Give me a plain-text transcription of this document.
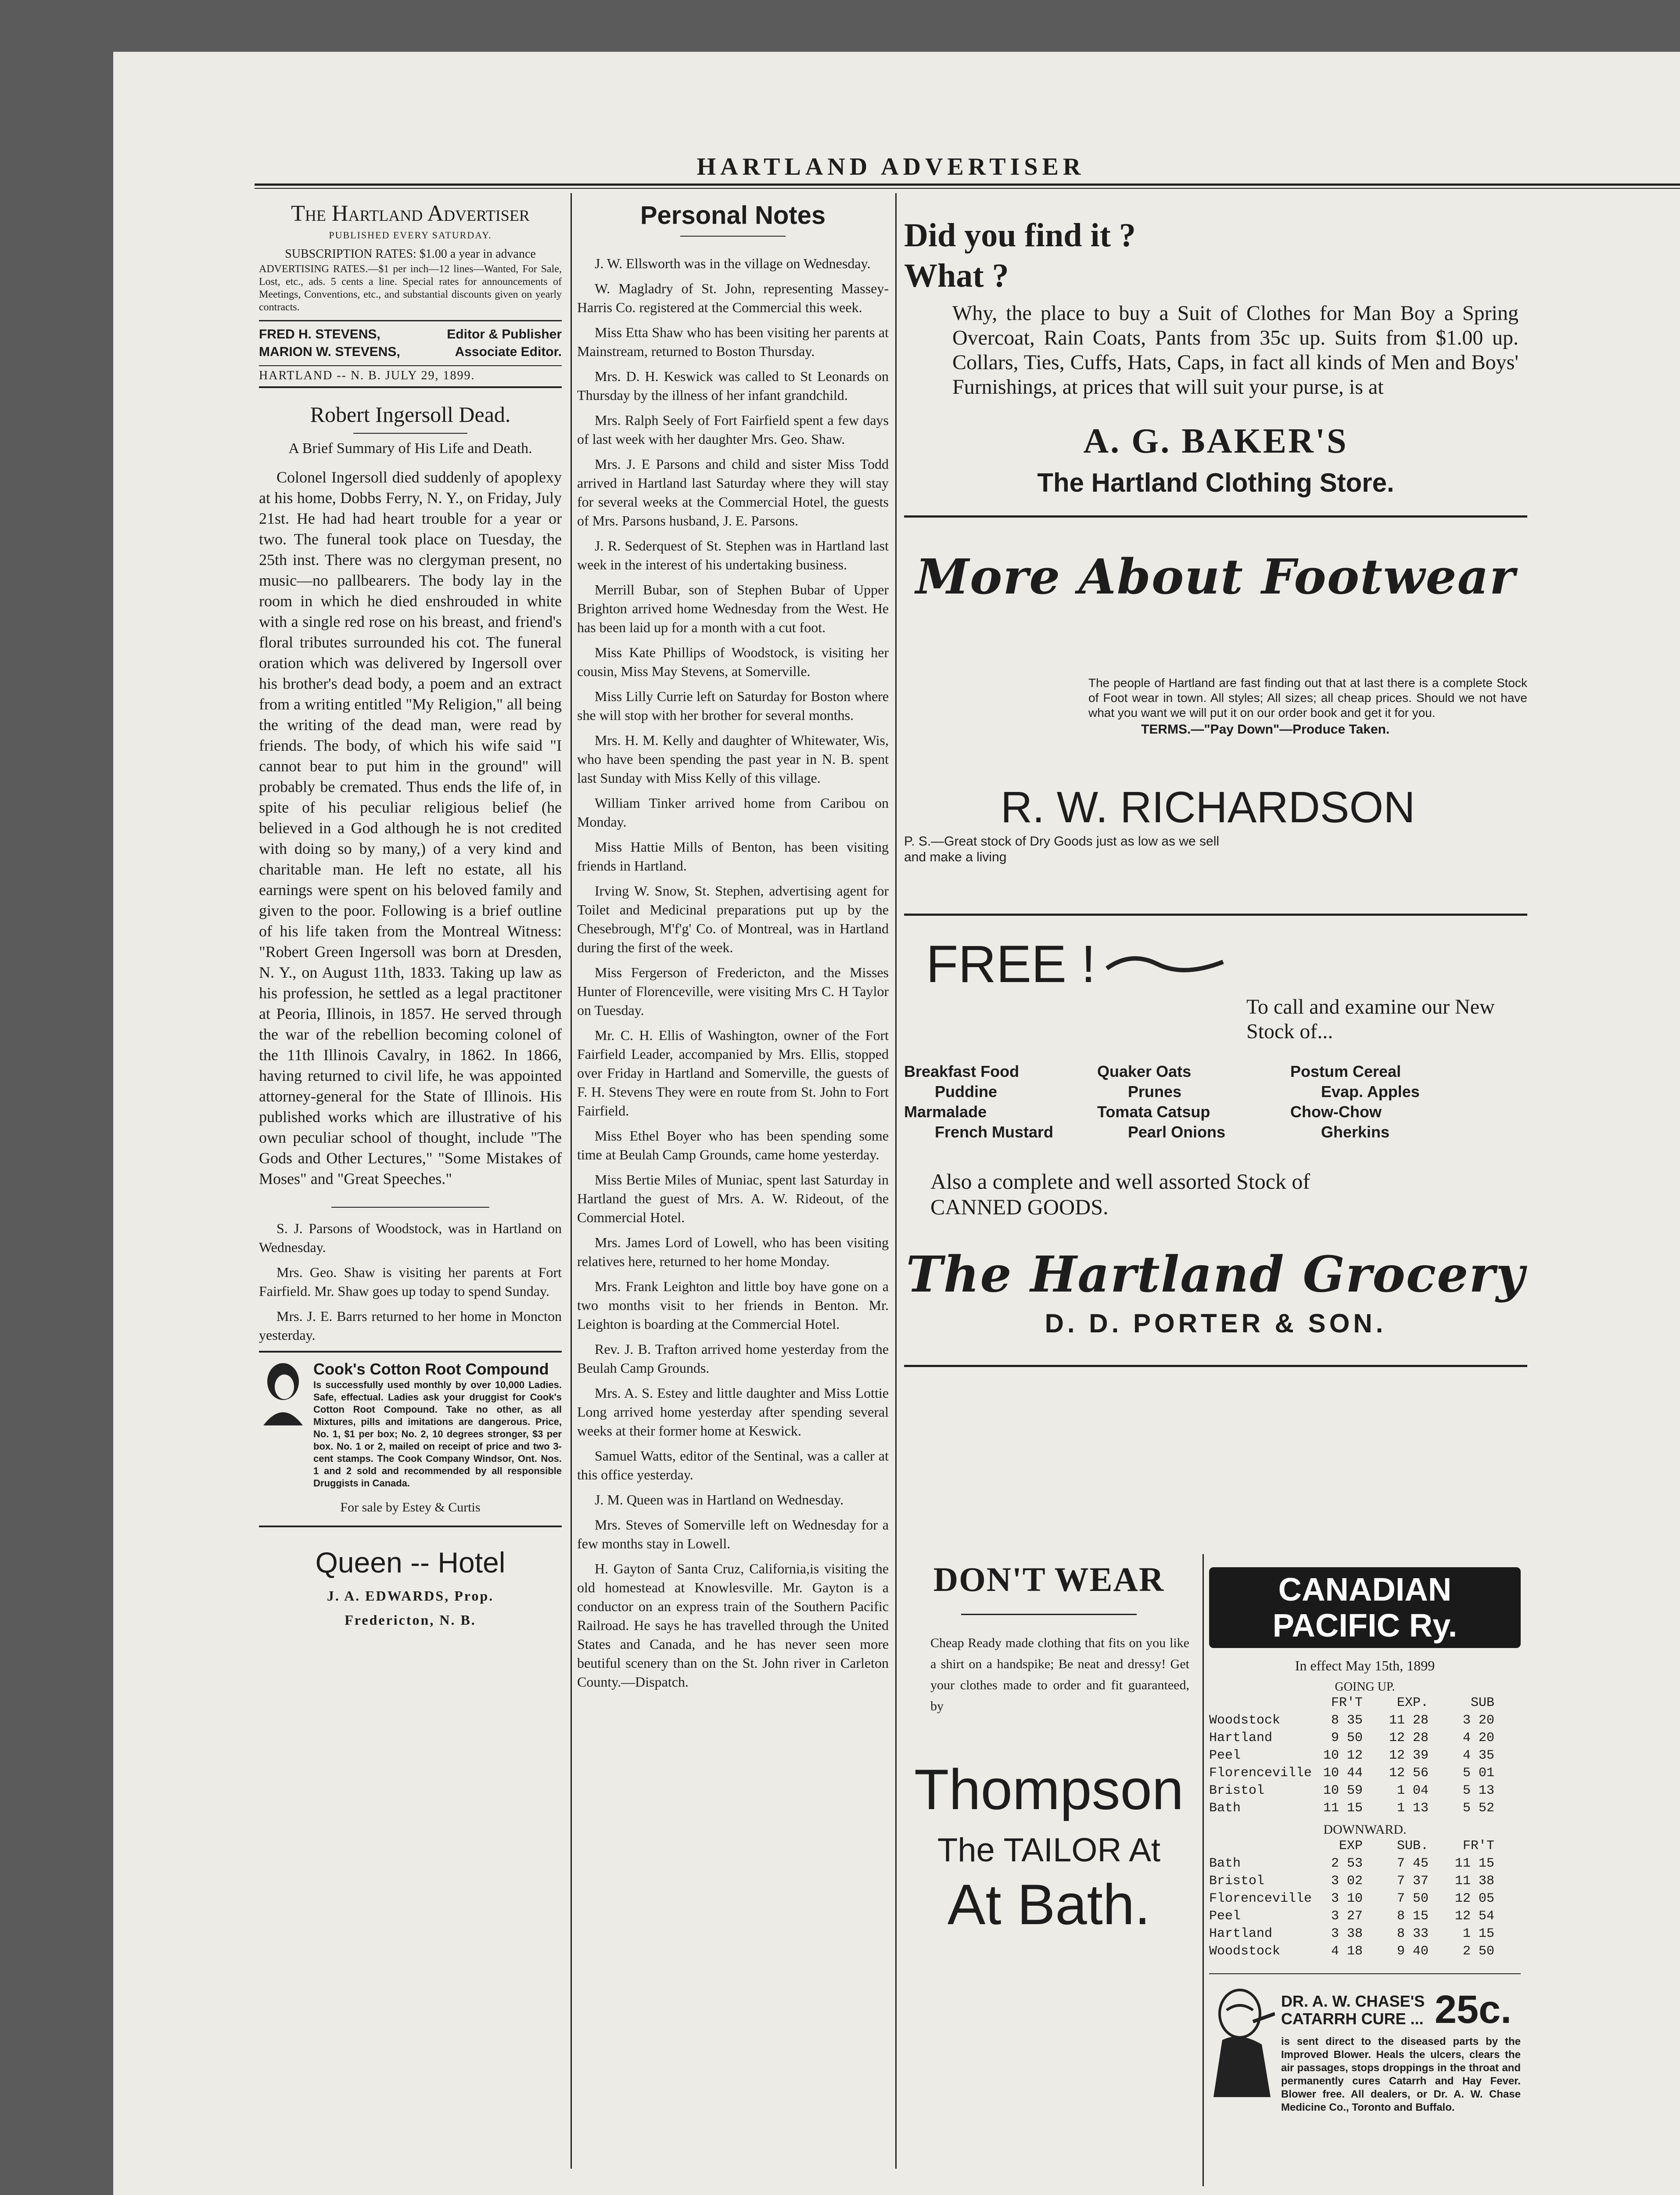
HARTLAND ADVERTISER
The Hartland Advertiser
PUBLISHED EVERY SATURDAY.
SUBSCRIPTION RATES: $1.00 a year in advance
ADVERTISING RATES.—$1 per inch—12 lines—Wanted, For Sale, Lost, etc., ads. 5 cents a line. Special rates for announcements of Meetings, Conventions, etc., and substantial discounts given on yearly contracts.
FRED H. STEVENS,	Editor & Publisher
MARION W. STEVENS,	Associate Editor.
HARTLAND -- N. B. JULY 29, 1899.
Robert Ingersoll Dead.
A Brief Summary of His Life and Death.

Colonel Ingersoll died suddenly of apoplexy at his home, Dobbs Ferry, N. Y., on Friday, July 21st. He had had heart trouble for a year or two. The funeral took place on Tuesday, the 25th inst. There was no clergyman present, no music—no pallbearers. The body lay in the room in which he died enshrouded in white with a single red rose on his breast, and friend's floral tributes surrounded his cot. The funeral oration which was delivered by Ingersoll over his brother's dead body, a poem and an extract from a writing entitled "My Religion," all being the writing of the dead man, were read by friends. The body, of which his wife said "I cannot bear to put him in the ground" will probably be cremated. Thus ends the life of, in spite of his peculiar religious belief (he believed in a God although he is not credited with doing so by many,) of a very kind and charitable man. He left no estate, all his earnings were spent on his beloved family and given to the poor. Following is a brief outline of his life taken from the Montreal Witness: "Robert Green Ingersoll was born at Dresden, N. Y., on August 11th, 1833. Taking up law as his profession, he settled as a legal practitoner at Peoria, Illinois, in 1857. He served through the war of the rebellion becoming colonel of the 11th Illinois Cavalry, in 1862. In 1866, having returned to civil life, he was appointed attorney-general for the State of Illinois. His published works which are illustrative of his own peculiar school of thought, include "The Gods and Other Lectures," "Some Mistakes of Moses" and "Great Speeches."

S. J. Parsons of Woodstock, was in Hartland on Wednesday.

Mrs. Geo. Shaw is visiting her parents at Fort Fairfield. Mr. Shaw goes up today to spend Sunday.

Mrs. J. E. Barrs returned to her home in Moncton yesterday.

Cook's Cotton Root Compound
Is successfully used monthly by over 10,000 Ladies. Safe, effectual. Ladies ask your druggist for Cook's Cotton Root Compound. Take no other, as all Mixtures, pills and imitations are dangerous. Price, No. 1, $1 per box; No. 2, 10 degrees stronger, $3 per box. No. 1 or 2, mailed on receipt of price and two 3-cent stamps. The Cook Company Windsor, Ont. Nos. 1 and 2 sold and recommended by all responsible Druggists in Canada.
For sale by Estey & Curtis
Queen -- Hotel
J. A. EDWARDS, Prop.
Fredericton, N. B.
Personal Notes

J. W. Ellsworth was in the village on Wednesday.

W. Magladry of St. John, representing Massey-Harris Co. registered at the Commercial this week.

Miss Etta Shaw who has been visiting her parents at Mainstream, returned to Boston Thursday.

Mrs. D. H. Keswick was called to St Leonards on Thursday by the illness of her infant grandchild.

Mrs. Ralph Seely of Fort Fairfield spent a few days of last week with her daughter Mrs. Geo. Shaw.

Mrs. J. E Parsons and child and sister Miss Todd arrived in Hartland last Saturday where they will stay for several weeks at the Commercial Hotel, the guests of Mrs. Parsons husband, J. E. Parsons.

J. R. Sederquest of St. Stephen was in Hartland last week in the interest of his undertaking business.

Merrill Bubar, son of Stephen Bubar of Upper Brighton arrived home Wednesday from the West. He has been laid up for a month with a cut foot.

Miss Kate Phillips of Woodstock, is visiting her cousin, Miss May Stevens, at Somerville.

Miss Lilly Currie left on Saturday for Boston where she will stop with her brother for several months.

Mrs. H. M. Kelly and daughter of Whitewater, Wis, who have been spending the past year in N. B. spent last Sunday with Miss Kelly of this village.

William Tinker arrived home from Caribou on Monday.

Miss Hattie Mills of Benton, has been visiting friends in Hartland.

Irving W. Snow, St. Stephen, advertising agent for Toilet and Medicinal preparations put up by the Chesebrough, M'f'g' Co. of Montreal, was in Hartland during the first of the week.

Miss Fergerson of Fredericton, and the Misses Hunter of Florenceville, were visiting Mrs C. H Taylor on Tuesday.

Mr. C. H. Ellis of Washington, owner of the Fort Fairfield Leader, accompanied by Mrs. Ellis, stopped over Friday in Hartland and Somerville, the guests of F. H. Stevens They were en route from St. John to Fort Fairfield.

Miss Ethel Boyer who has been spending some time at Beulah Camp Grounds, came home yesterday.

Miss Bertie Miles of Muniac, spent last Saturday in Hartland the guest of Mrs. A. W. Rideout, of the Commercial Hotel.

Mrs. James Lord of Lowell, who has been visiting relatives here, returned to her home Monday.

Mrs. Frank Leighton and little boy have gone on a two months visit to her friends in Benton. Mr. Leighton is boarding at the Commercial Hotel.

Rev. J. B. Trafton arrived home yesterday from the Beulah Camp Grounds.

Mrs. A. S. Estey and little daughter and Miss Lottie Long arrived home yesterday after spending several weeks at their former home at Keswick.

Samuel Watts, editor of the Sentinal, was a caller at this office yesterday.

J. M. Queen was in Hartland on Wednesday.

Mrs. Steves of Somerville left on Wednesday for a few months stay in Lowell.

H. Gayton of Santa Cruz, California,is visiting the old homestead at Knowlesville. Mr. Gayton is a conductor on an express train of the Southern Pacific Railroad. He says he has travelled through the United States and Canada, and he has never seen more beutiful scenery than on the St. John river in Carleton County.—Dispatch.

Did you find it ?
What ?

Why, the place to buy a Suit of Clothes for Man Boy a Spring Overcoat, Rain Coats, Pants from 35c up. Suits from $1.00 up. Collars, Ties, Cuffs, Hats, Caps, in fact all kinds of Men and Boys' Furnishings, at prices that will suit your purse, is at

A. G. BAKER'S
The Hartland Clothing Store.
More About Footwear

The people of Hartland are fast finding out that at last there is a complete Stock of Foot wear in town. All styles; All sizes; all cheap prices. Should we not have what you want we will put it on our order book and get it for you.

TERMS.—"Pay Down"—Produce Taken.
R. W. RICHARDSON

P. S.—Great stock of Dry Goods just as low as we sell and make a living

FREE !

To call and examine our New Stock of...

Breakfast Food	Quaker Oats	Postum Cereal
Puddine	Prunes	Evap. Apples
Marmalade	Tomata Catsup	Chow-Chow
French Mustard	Pearl Onions	Gherkins

Also a complete and well assorted Stock of CANNED GOODS.

The Hartland Grocery
D. D. PORTER & SON.
DON'T WEAR

Cheap Ready made clothing that fits on you like a shirt on a handspike; Be neat and dressy! Get your clothes made to order and fit guaranteed, by

Thompson
The TAILOR At
At Bath.
CANADIAN PACIFIC Ry.
In effect May 15th, 1899
GOING UP.
FR'T	EXP.	SUB
Woodstock	8 35	11 28	3 20
Hartland	9 50	12 28	4 20
Peel	10 12	12 39	4 35
Florenceville 10 44	12 56	5 01
Bristol	10 59	1 04	5 13
Bath	11 15	1 13	5 52
DOWNWARD.
EXP	SUB.	FR'T
Bath	2 53	7 45	11 15
Bristol	3 02	7 37	11 38
Florenceville	3 10	7 50	12 05
Peel	3 27	8 15	12 54
Hartland	3 38	8 33	1 15
Woodstock	4 18	9 40	2 50
DR. A. W. CHASE'S CATARRH CURE ... 25c.

is sent direct to the diseased parts by the Improved Blower. Heals the ulcers, clears the air passages, stops droppings in the throat and permanently cures Catarrh and Hay Fever. Blower free. All dealers, or Dr. A. W. Chase Medicine Co., Toronto and Buffalo.
